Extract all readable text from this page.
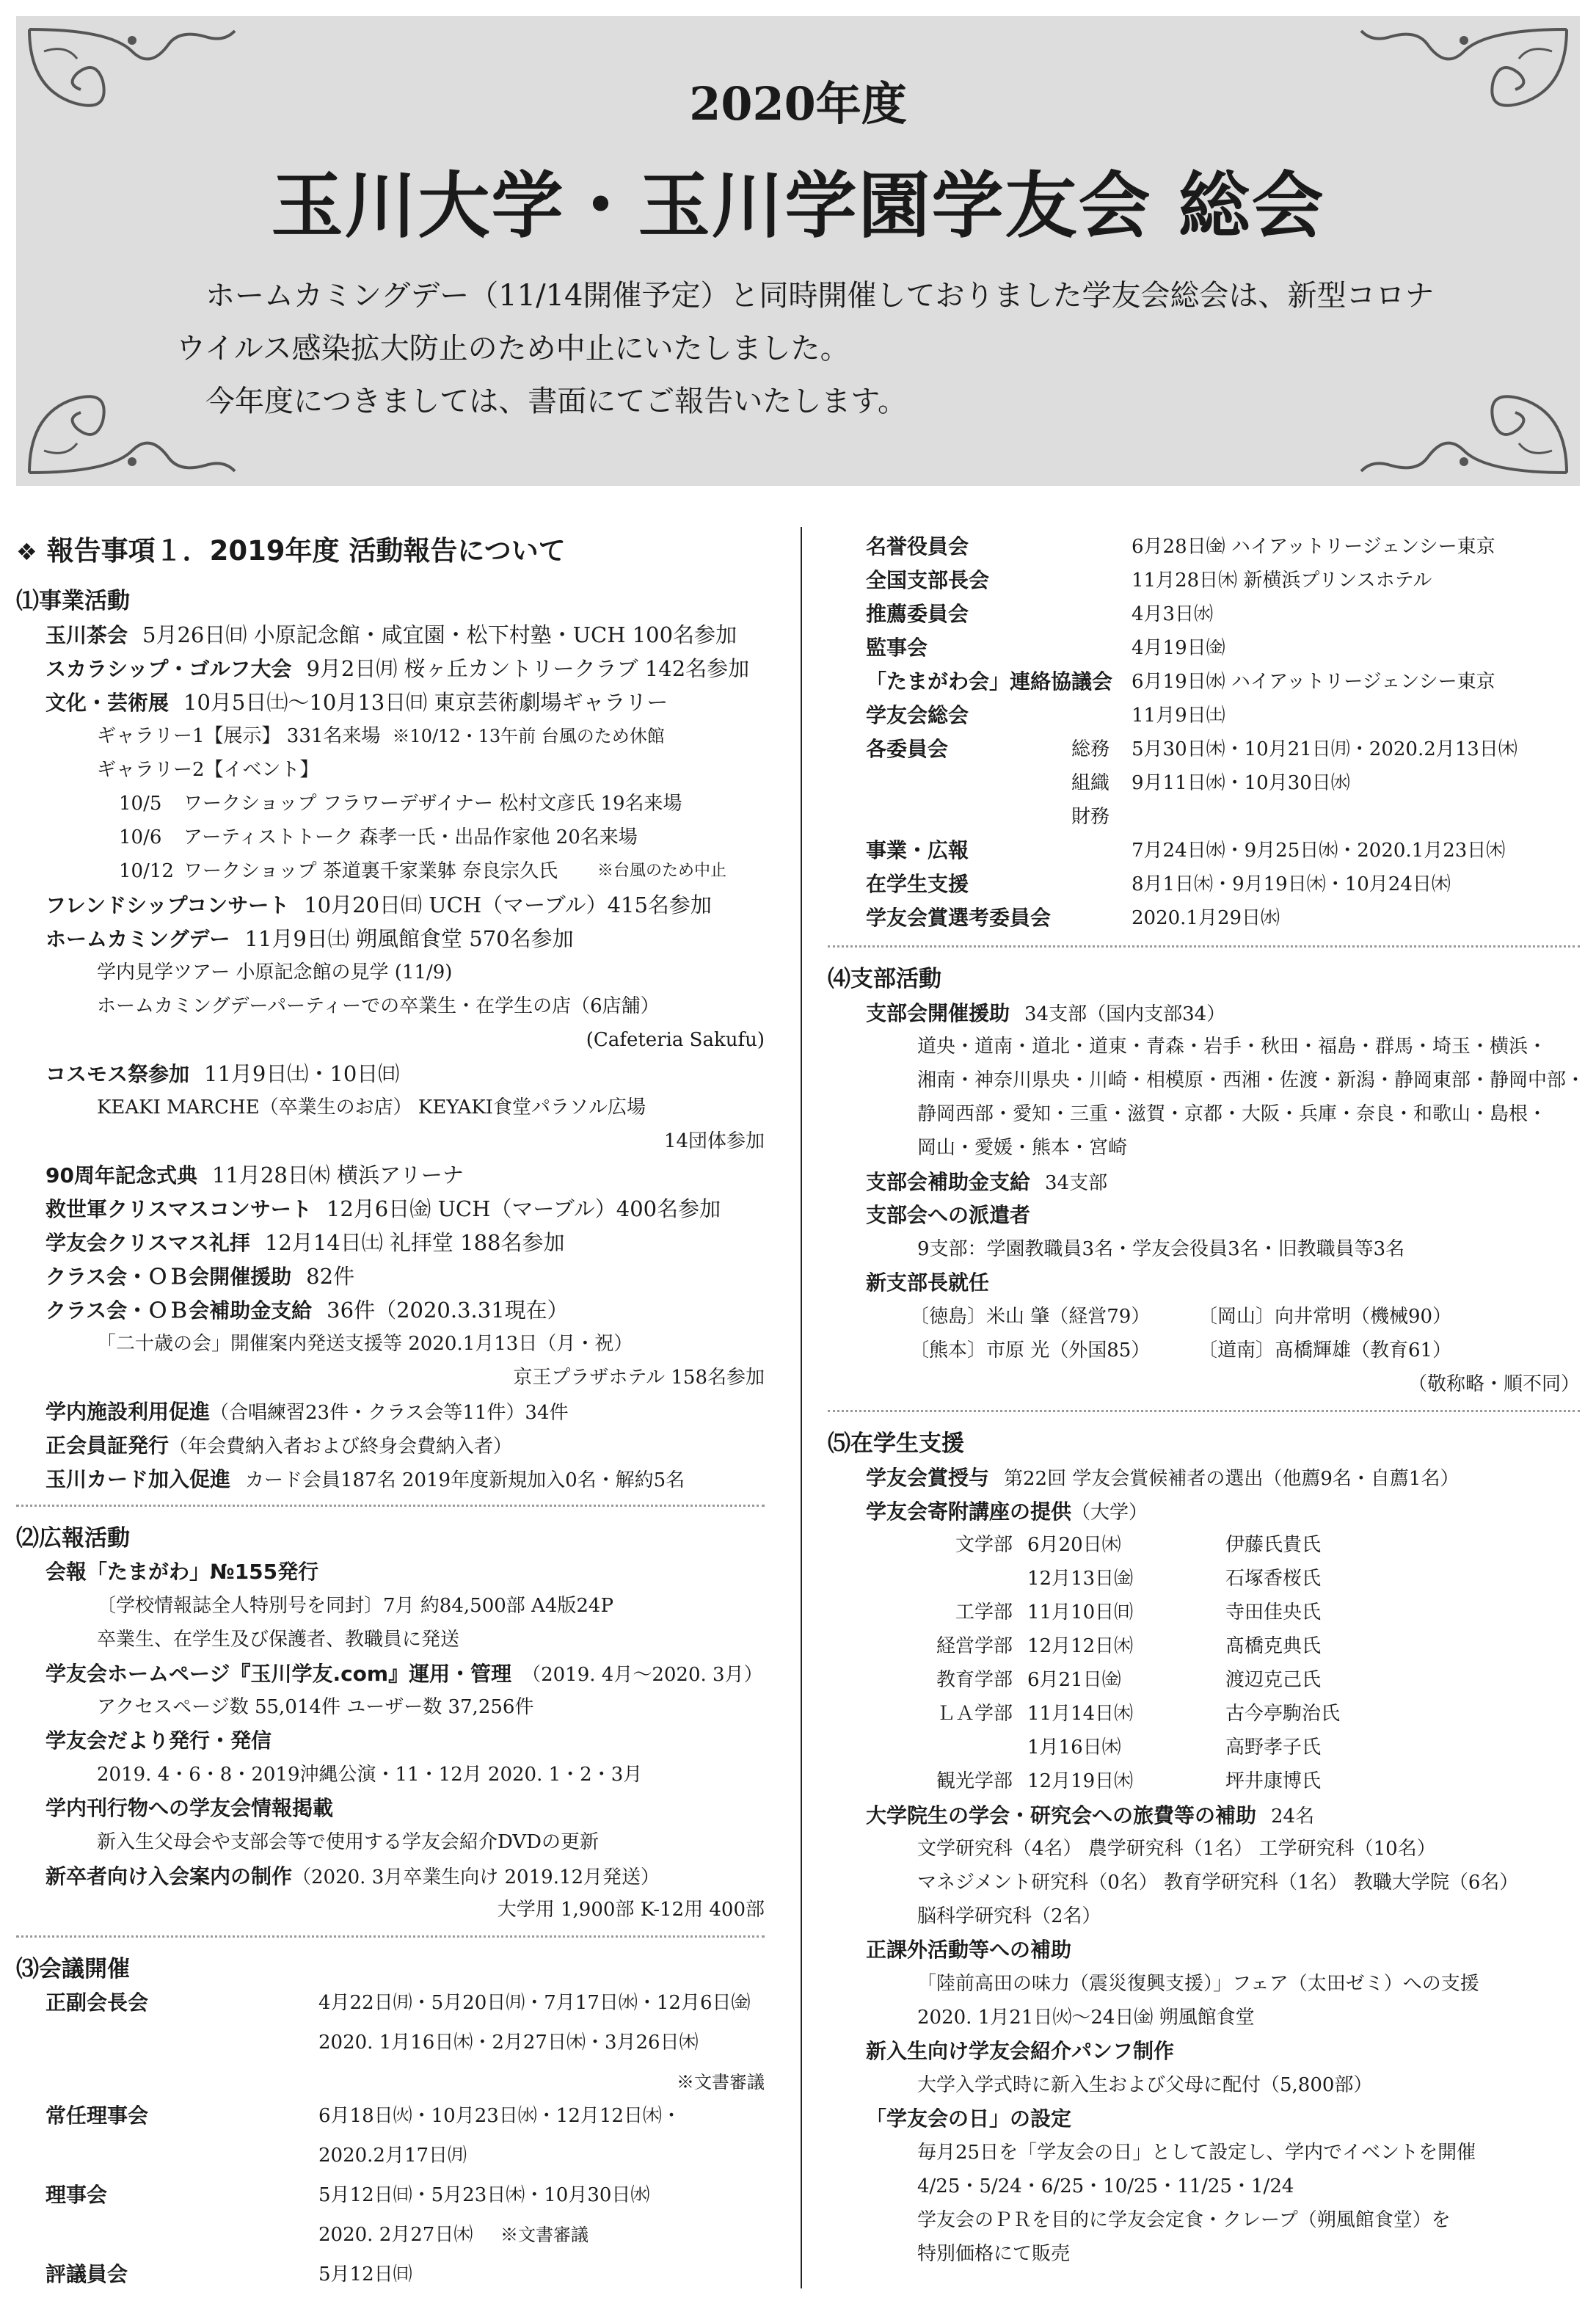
2020年度
玉川大学・玉川学園学友会 総会

ホームカミングデー（11/14開催予定）と同時開催しておりました学友会総会は、新型コロナ

ウイルス感染拡大防止のため中止にいたしました。

今年度につきましては、書面にてご報告いたします。

❖ 報告事項１．2019年度 活動報告について
⑴事業活動
玉川茶会 5月26日㈰ 小原記念館・咸宜園・松下村塾・UCH 100名参加
スカラシップ・ゴルフ大会 9月2日㈪ 桜ヶ丘カントリークラブ 142名参加
文化・芸術展 10月5日㈯〜10月13日㈰ 東京芸術劇場ギャラリー
ギャラリー1【展示】 331名来場 ※10/12・13午前 台風のため休館
ギャラリー2【イベント】
10/5 ワークショップ フラワーデザイナー 松村文彦氏 19名来場
10/6 アーティストトーク 森孝一氏・出品作家他 20名来場
10/12 ワークショップ 茶道裏千家業躰 奈良宗久氏 ※台風のため中止
フレンドシップコンサート 10月20日㈰ UCH（マーブル）415名参加
ホームカミングデー 11月9日㈯ 朔風館食堂 570名参加
学内見学ツアー 小原記念館の見学 (11/9)
ホームカミングデーパーティーでの卒業生・在学生の店（6店舗）
(Cafeteria Sakufu)
コスモス祭参加 11月9日㈯・10日㈰
KEAKI MARCHE（卒業生のお店） KEYAKI食堂パラソル広場
14団体参加
90周年記念式典 11月28日㈭ 横浜アリーナ
救世軍クリスマスコンサート 12月6日㈮ UCH（マーブル）400名参加
学友会クリスマス礼拝 12月14日㈯ 礼拝堂 188名参加
クラス会・ＯＢ会開催援助 82件
クラス会・ＯＢ会補助金支給 36件（2020.3.31現在）
「二十歳の会」開催案内発送支援等 2020.1月13日（月・祝）
京王プラザホテル 158名参加
学内施設利用促進（合唱練習23件・クラス会等11件）34件
正会員証発行（年会費納入者および終身会費納入者）
玉川カード加入促進 カード会員187名 2019年度新規加入0名・解約5名
⑵広報活動
会報「たまがわ」№155発行
〔学校情報誌全人特別号を同封〕7月 約84,500部 A4版24P
卒業生、在学生及び保護者、教職員に発送
学友会ホームページ『玉川学友.com』運用・管理 （2019. 4月〜2020. 3月）
アクセスページ数 55,014件 ユーザー数 37,256件
学友会だより発行・発信
2019. 4・6・8・2019沖縄公演・11・12月 2020. 1・2・3月
学内刊行物への学友会情報掲載
新入生父母会や支部会等で使用する学友会紹介DVDの更新
新卒者向け入会案内の制作（2020. 3月卒業生向け 2019.12月発送）
大学用 1,900部 K-12用 400部
⑶会議開催
正副会長会	4月22日㈪・5月20日㈪・7月17日㈬・12月6日㈮
2020. 1月16日㈭・2月27日㈭・3月26日㈭
※文書審議
常任理事会	6月18日㈫・10月23日㈬・12月12日㈭・
2020.2月17日㈪
理事会	5月12日㈰・5月23日㈭・10月30日㈬
2020. 2月27日㈭ ※文書審議
評議員会	5月12日㈰
名誉役員会	6月28日㈮ ハイアットリージェンシー東京
全国支部長会	11月28日㈭ 新横浜プリンスホテル
推薦委員会	4月3日㈬
監事会	4月19日㈮
「たまがわ会」連絡協議会 6月19日㈬ ハイアットリージェンシー東京
学友会総会	11月9日㈯
各委員会	総務 5月30日㈭・10月21日㈪・2020.2月13日㈭
組織 9月11日㈬・10月30日㈬
財務
事業・広報	7月24日㈬・9月25日㈬・2020.1月23日㈭
在学生支援	8月1日㈭・9月19日㈭・10月24日㈭
学友会賞選考委員会	2020.1月29日㈬
⑷支部活動
支部会開催援助 34支部（国内支部34）
道央・道南・道北・道東・青森・岩手・秋田・福島・群馬・埼玉・横浜・
湘南・神奈川県央・川崎・相模原・西湘・佐渡・新潟・静岡東部・静岡中部・
静岡西部・愛知・三重・滋賀・京都・大阪・兵庫・奈良・和歌山・島根・
岡山・愛媛・熊本・宮崎
支部会補助金支給 34支部
支部会への派遣者
9支部：学園教職員3名・学友会役員3名・旧教職員等3名
新支部長就任
〔徳島〕米山 肇（経営79）	〔岡山〕向井常明（機械90）
〔熊本〕市原 光（外国85）	〔道南〕髙橋輝雄（教育61）
（敬称略・順不同）
⑸在学生支援
学友会賞授与 第22回 学友会賞候補者の選出（他薦9名・自薦1名）
学友会寄附講座の提供（大学）
文学部 6月20日㈭	伊藤氏貴氏
12月13日㈮	石塚香桜氏
工学部 11月10日㈰	寺田佳央氏
経営学部 12月12日㈭	髙橋克典氏
教育学部 6月21日㈮	渡辺克己氏
ＬＡ学部 11月14日㈭	古今亭駒治氏
1月16日㈭	高野孝子氏
観光学部 12月19日㈭	坪井康博氏
大学院生の学会・研究会への旅費等の補助 24名
文学研究科（4名） 農学研究科（1名） 工学研究科（10名）
マネジメント研究科（0名） 教育学研究科（1名） 教職大学院（6名）
脳科学研究科（2名）
正課外活動等への補助
「陸前高田の味力（震災復興支援）」フェア（太田ゼミ）への支援
2020. 1月21日㈫〜24日㈮ 朔風館食堂
新入生向け学友会紹介パンフ制作
大学入学式時に新入生および父母に配付（5,800部）
「学友会の日」の設定
毎月25日を「学友会の日」として設定し、学内でイベントを開催
4/25・5/24・6/25・10/25・11/25・1/24
学友会のＰＲを目的に学友会定食・クレープ（朔風館食堂）を
特別価格にて販売
